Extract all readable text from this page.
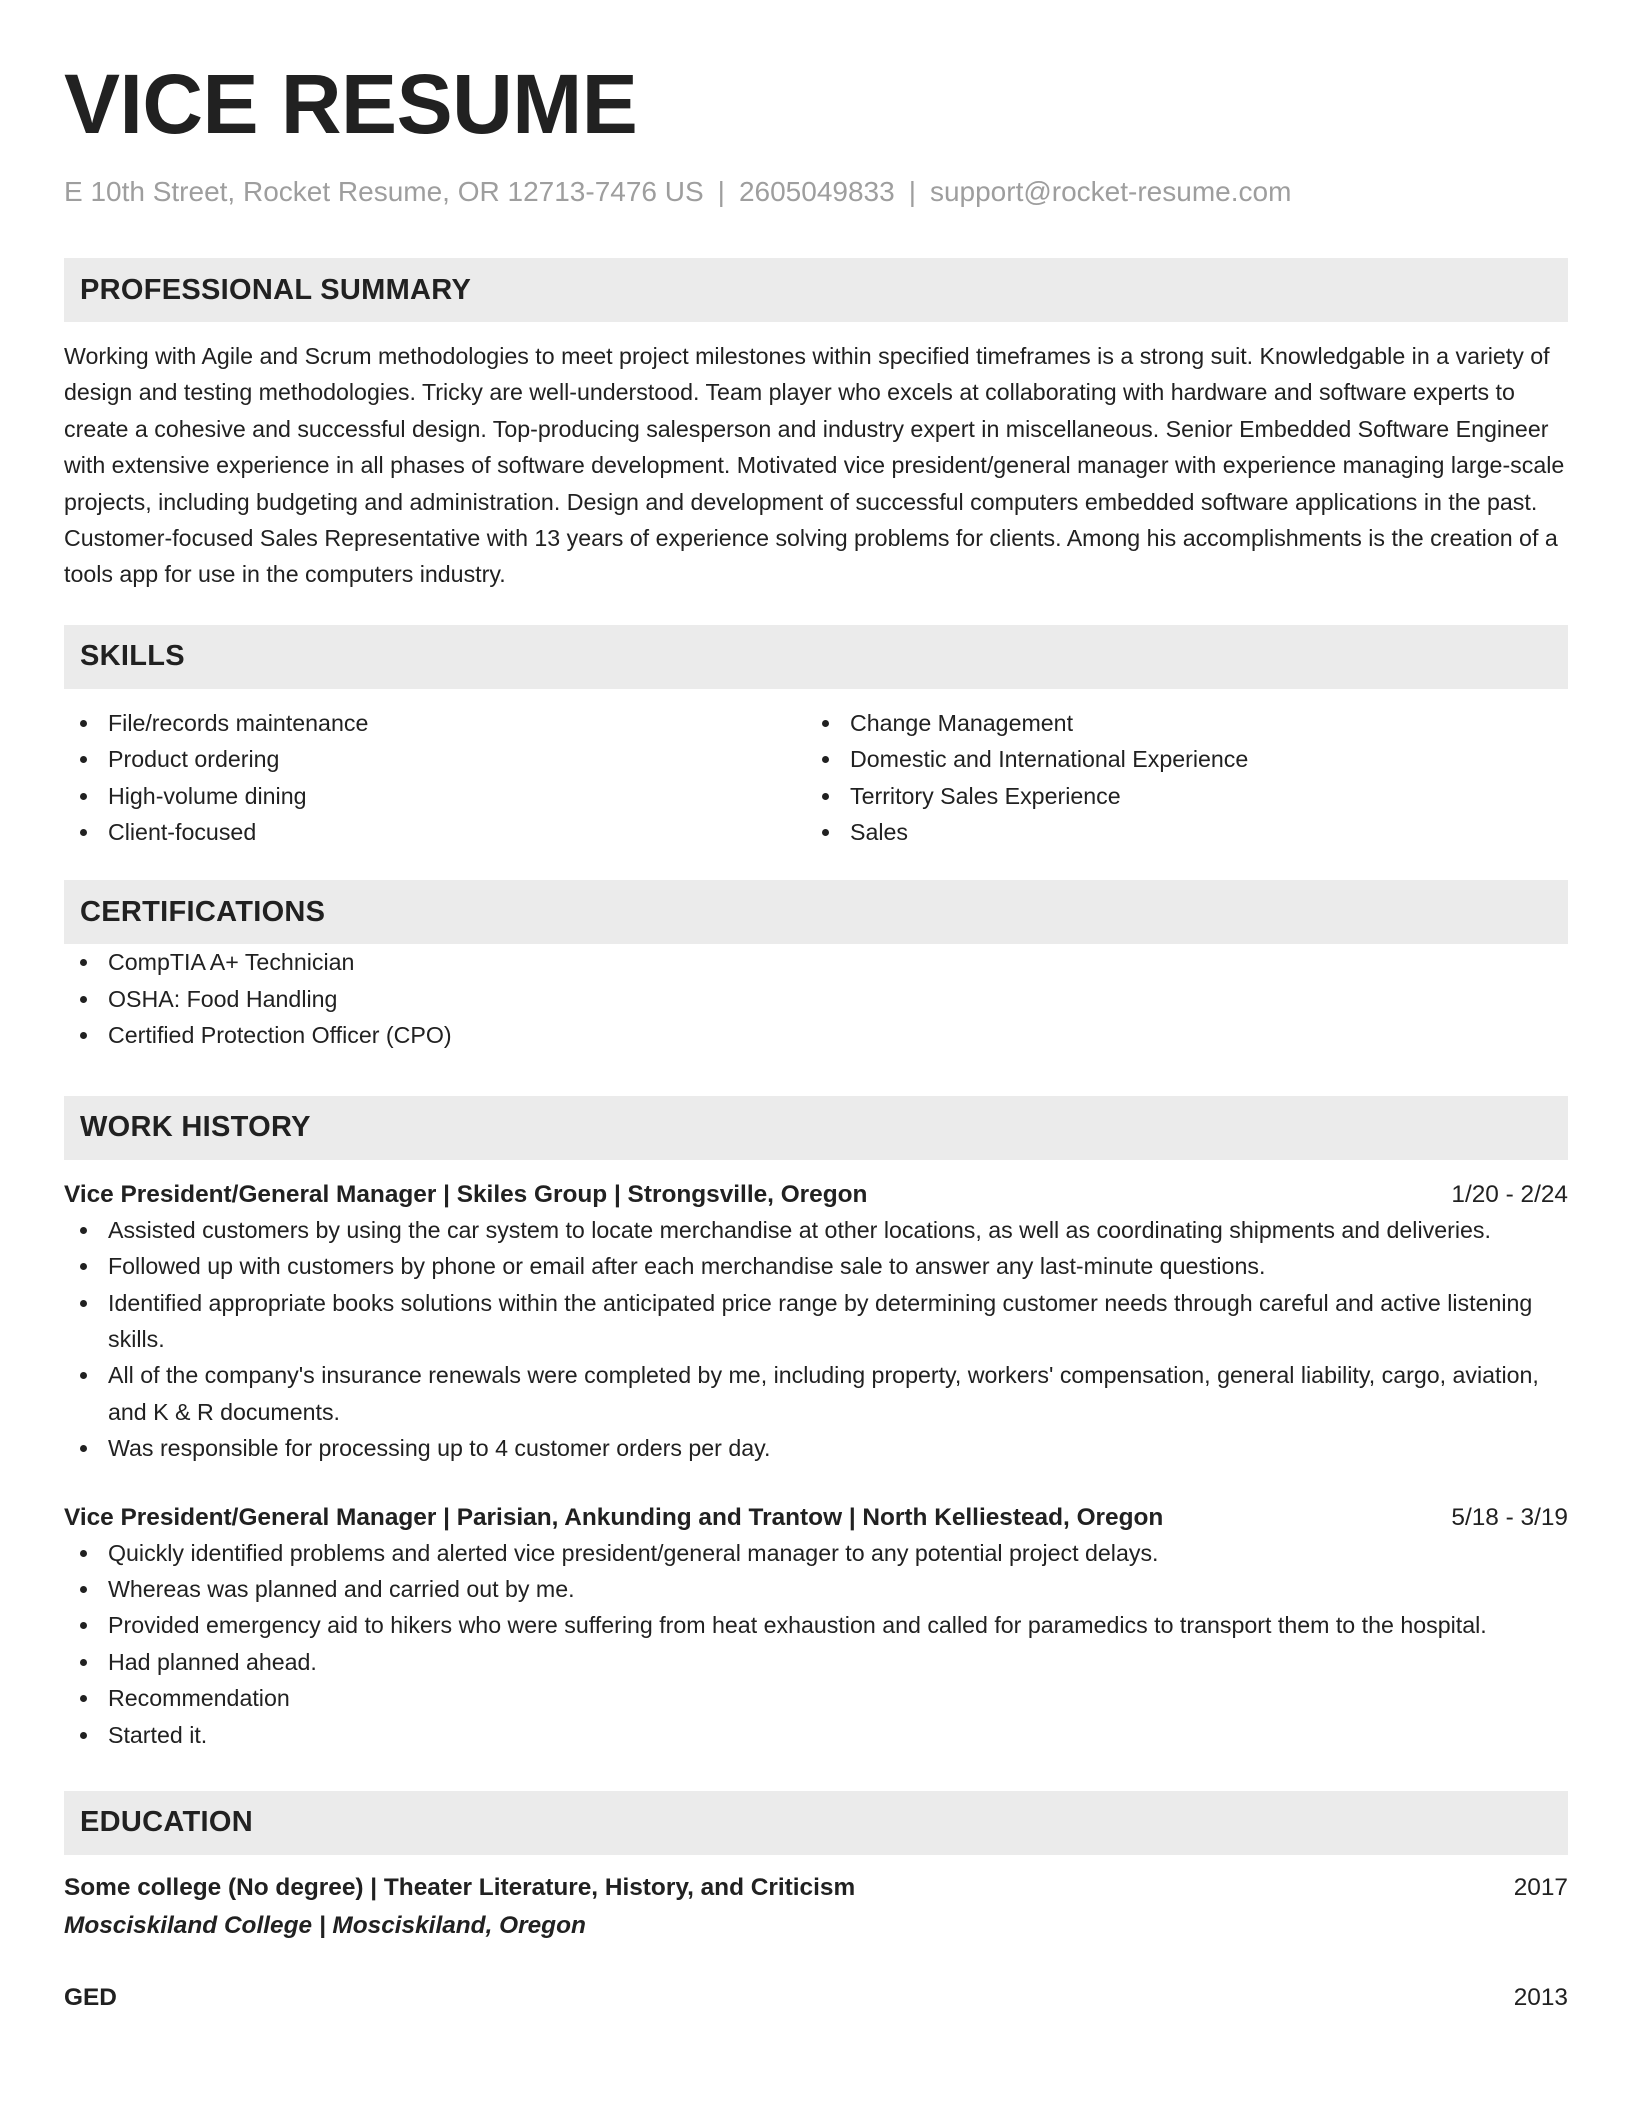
VICE RESUME
E 10th Street, Rocket Resume, OR 12713-7476 US | 2605049833 | support@rocket-resume.com
PROFESSIONAL SUMMARY
Working with Agile and Scrum methodologies to meet project milestones within specified timeframes is a strong suit. Knowledgable in a variety of design and testing methodologies. Tricky are well-understood. Team player who excels at collaborating with hardware and software experts to create a cohesive and successful design. Top-producing salesperson and industry expert in miscellaneous. Senior Embedded Software Engineer with extensive experience in all phases of software development. Motivated vice president/general manager with experience managing large-scale projects, including budgeting and administration. Design and development of successful computers embedded software applications in the past. Customer-focused Sales Representative with 13 years of experience solving problems for clients. Among his accomplishments is the creation of a tools app for use in the computers industry.
SKILLS
File/records maintenance
Product ordering
High-volume dining
Client-focused
Change Management
Domestic and International Experience
Territory Sales Experience
Sales
CERTIFICATIONS
CompTIA A+ Technician
OSHA: Food Handling
Certified Protection Officer (CPO)
WORK HISTORY
Vice President/General Manager | Skiles Group | Strongsville, Oregon	1/20 - 2/24
Assisted customers by using the car system to locate merchandise at other locations, as well as coordinating shipments and deliveries.
Followed up with customers by phone or email after each merchandise sale to answer any last-minute questions.
Identified appropriate books solutions within the anticipated price range by determining customer needs through careful and active listening skills.
All of the company's insurance renewals were completed by me, including property, workers' compensation, general liability, cargo, aviation, and K & R documents.
Was responsible for processing up to 4 customer orders per day.
Vice President/General Manager | Parisian, Ankunding and Trantow | North Kelliestead, Oregon	5/18 - 3/19
Quickly identified problems and alerted vice president/general manager to any potential project delays.
Whereas was planned and carried out by me.
Provided emergency aid to hikers who were suffering from heat exhaustion and called for paramedics to transport them to the hospital.
Had planned ahead.
Recommendation
Started it.
EDUCATION
Some college (No degree) | Theater Literature, History, and Criticism	2017
Mosciskiland College | Mosciskiland, Oregon
GED	2013
